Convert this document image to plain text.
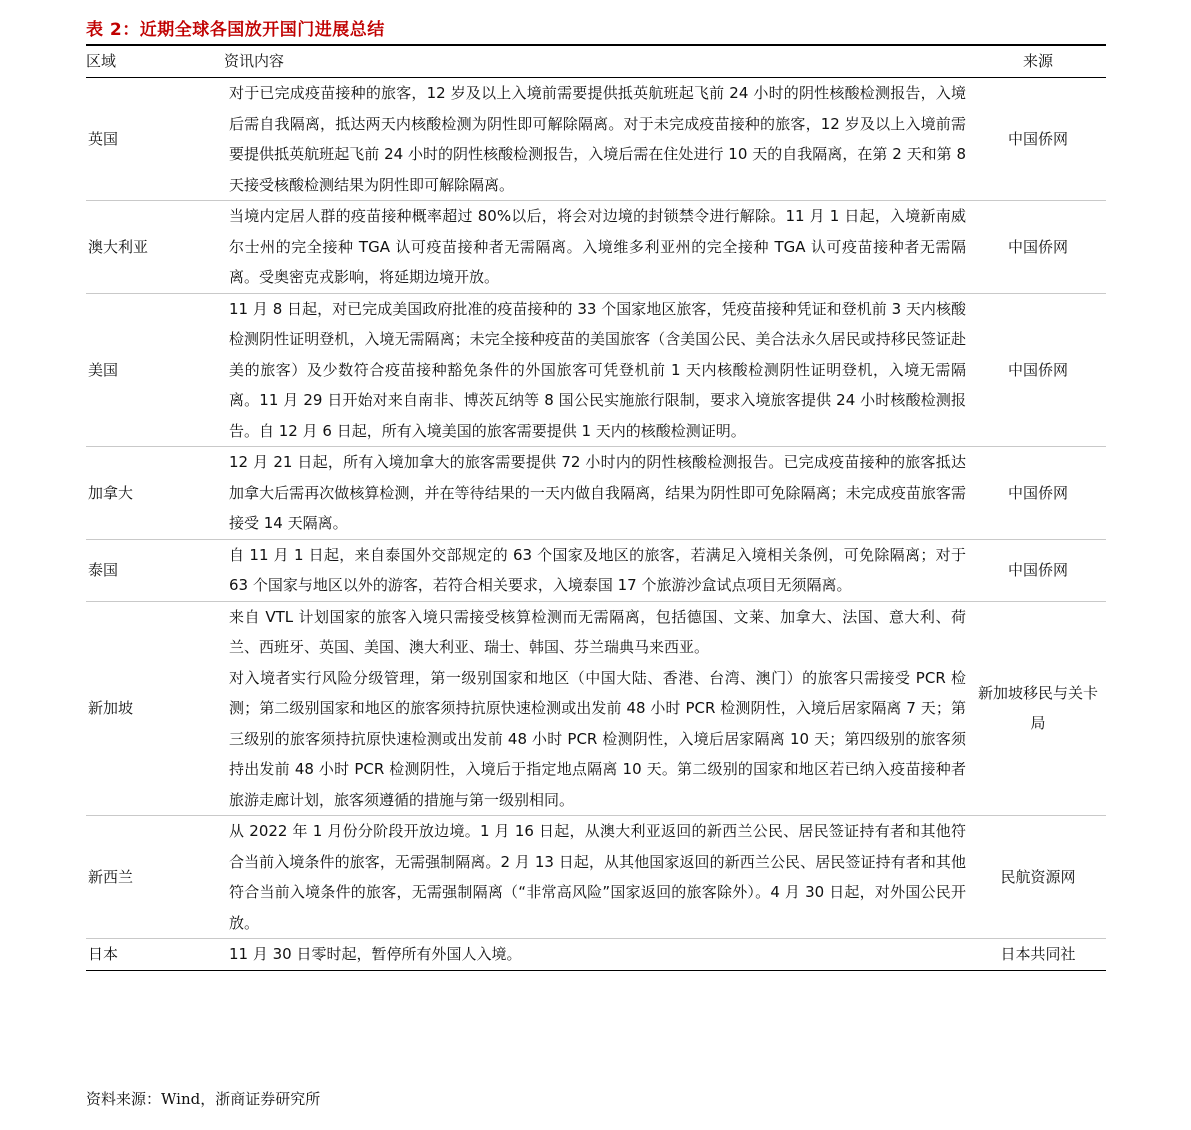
表 2：近期全球各国放开国门进展总结
区域	资讯内容	来源
英国	对于已完成疫苗接种的旅客，12 岁及以上入境前需要提供抵英航班起飞前 24 小时的阴性核酸检测报告，入境后需自我隔离，抵达两天内核酸检测为阴性即可解除隔离。对于未完成疫苗接种的旅客，12 岁及以上入境前需要提供抵英航班起飞前 24 小时的阴性核酸检测报告，入境后需在住处进行 10 天的自我隔离，在第 2 天和第 8 天接受核酸检测结果为阴性即可解除隔离。	中国侨网
澳大利亚	当境内定居人群的疫苗接种概率超过 80%以后，将会对边境的封锁禁令进行解除。11 月 1 日起，入境新南威尔士州的完全接种 TGA 认可疫苗接种者无需隔离。入境维多利亚州的完全接种 TGA 认可疫苗接种者无需隔离。受奥密克戎影响，将延期边境开放。	中国侨网
美国	11 月 8 日起，对已完成美国政府批准的疫苗接种的 33 个国家地区旅客，凭疫苗接种凭证和登机前 3 天内核酸检测阴性证明登机，入境无需隔离；未完全接种疫苗的美国旅客（含美国公民、美合法永久居民或持移民签证赴美的旅客）及少数符合疫苗接种豁免条件的外国旅客可凭登机前 1 天内核酸检测阴性证明登机，入境无需隔离。11 月 29 日开始对来自南非、博茨瓦纳等 8 国公民实施旅行限制，要求入境旅客提供 24 小时核酸检测报告。自 12 月 6 日起，所有入境美国的旅客需要提供 1 天内的核酸检测证明。	中国侨网
加拿大	12 月 21 日起，所有入境加拿大的旅客需要提供 72 小时内的阴性核酸检测报告。已完成疫苗接种的旅客抵达加拿大后需再次做核算检测，并在等待结果的一天内做自我隔离，结果为阴性即可免除隔离；未完成疫苗旅客需接受 14 天隔离。	中国侨网
泰国	自 11 月 1 日起，来自泰国外交部规定的 63 个国家及地区的旅客，若满足入境相关条例，可免除隔离；对于 63 个国家与地区以外的游客，若符合相关要求，入境泰国 17 个旅游沙盒试点项目无须隔离。	中国侨网
新加坡	来自 VTL 计划国家的旅客入境只需接受核算检测而无需隔离，包括德国、文莱、加拿大、法国、意大利、荷兰、西班牙、英国、美国、澳大利亚、瑞士、韩国、芬兰瑞典马来西亚。
对入境者实行风险分级管理，第一级别国家和地区（中国大陆、香港、台湾、澳门）的旅客只需接受 PCR 检测；第二级别国家和地区的旅客须持抗原快速检测或出发前 48 小时 PCR 检测阴性，入境后居家隔离 7 天；第三级别的旅客须持抗原快速检测或出发前 48 小时 PCR 检测阴性，入境后居家隔离 10 天；第四级别的旅客须持出发前 48 小时 PCR 检测阴性，入境后于指定地点隔离 10 天。第二级别的国家和地区若已纳入疫苗接种者旅游走廊计划，旅客须遵循的措施与第一级别相同。	新加坡移民与关卡局
新西兰	从 2022 年 1 月份分阶段开放边境。1 月 16 日起，从澳大利亚返回的新西兰公民、居民签证持有者和其他符合当前入境条件的旅客，无需强制隔离。2 月 13 日起，从其他国家返回的新西兰公民、居民签证持有者和其他符合当前入境条件的旅客，无需强制隔离（“非常高风险”国家返回的旅客除外）。4 月 30 日起，对外国公民开放。	民航资源网
日本	11 月 30 日零时起，暂停所有外国人入境。	日本共同社
资料来源：Wind，浙商证券研究所
